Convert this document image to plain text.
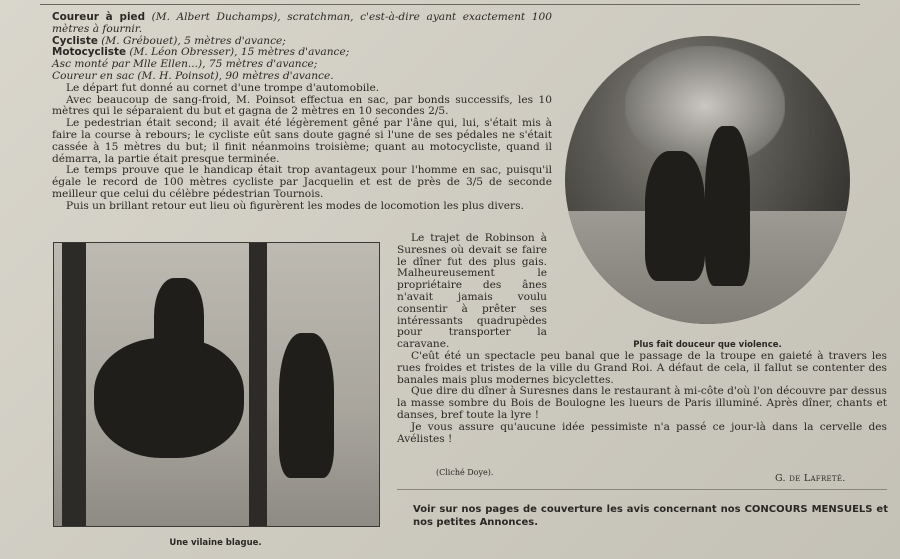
Coureur à pied (M. Albert Duchamps), scratchman, c'est-à-dire ayant exactement 100 mètres à fournir.

Cycliste (M. Grébouet), 5 mètres d'avance;

Motocycliste (M. Léon Obresser), 15 mètres d'avance;

Asc monté par Mlle Ellen...), 75 mètres d'avance;

Coureur en sac (M. H. Poinsot), 90 mètres d'avance.

Le départ fut donné au cornet d'une trompe d'automobile.

Avec beaucoup de sang-froid, M. Poinsot effectua en sac, par bonds successifs, les 10 mètres qui le séparaient du but et gagna de 2 mètres en 10 secondes 2/5.

Le pedestrian était second; il avait été légèrement gêné par l'âne qui, lui, s'était mis à faire la course à rebours; le cycliste eût sans doute gagné si l'une de ses pédales ne s'était cassée à 15 mètres du but; il finit néanmoins troisième; quant au motocycliste, quand il démarra, la partie était presque terminée.

Le temps prouve que le handicap était trop avantageux pour l'homme en sac, puisqu'il égale le record de 100 mètres cycliste par Jacquelin et est de près de 3/5 de seconde meilleur que celui du célèbre pédestrian Tournois.

Puis un brillant retour eut lieu où figurèrent les modes de locomotion les plus divers.

Plus fait douceur que violence.
Une vilaine blague.

Le trajet de Robinson à Suresnes où devait se faire le dîner fut des plus gais. Malheureusement le propriétaire des ânes n'avait jamais voulu consentir à prêter ses intéressants quadrupèdes pour transporter la caravane.

C'eût été un spectacle peu banal que le passage de la troupe en gaieté à travers les rues froides et tristes de la ville du Grand Roi. A défaut de cela, il fallut se contenter des banales mais plus modernes bicyclettes.

Que dire du dîner à Suresnes dans le restaurant à mi-côte d'où l'on découvre par dessus la masse sombre du Bois de Boulogne les lueurs de Paris illuminé. Après dîner, chants et danses, bref toute la lyre !

Je vous assure qu'aucune idée pessimiste n'a passé ce jour-là dans la cervelle des Avélistes !

(Cliché Doye).
G. de Lafreté.
Voir sur nos pages de couverture les avis concernant nos CONCOURS MENSUELS et nos petites Annonces.
